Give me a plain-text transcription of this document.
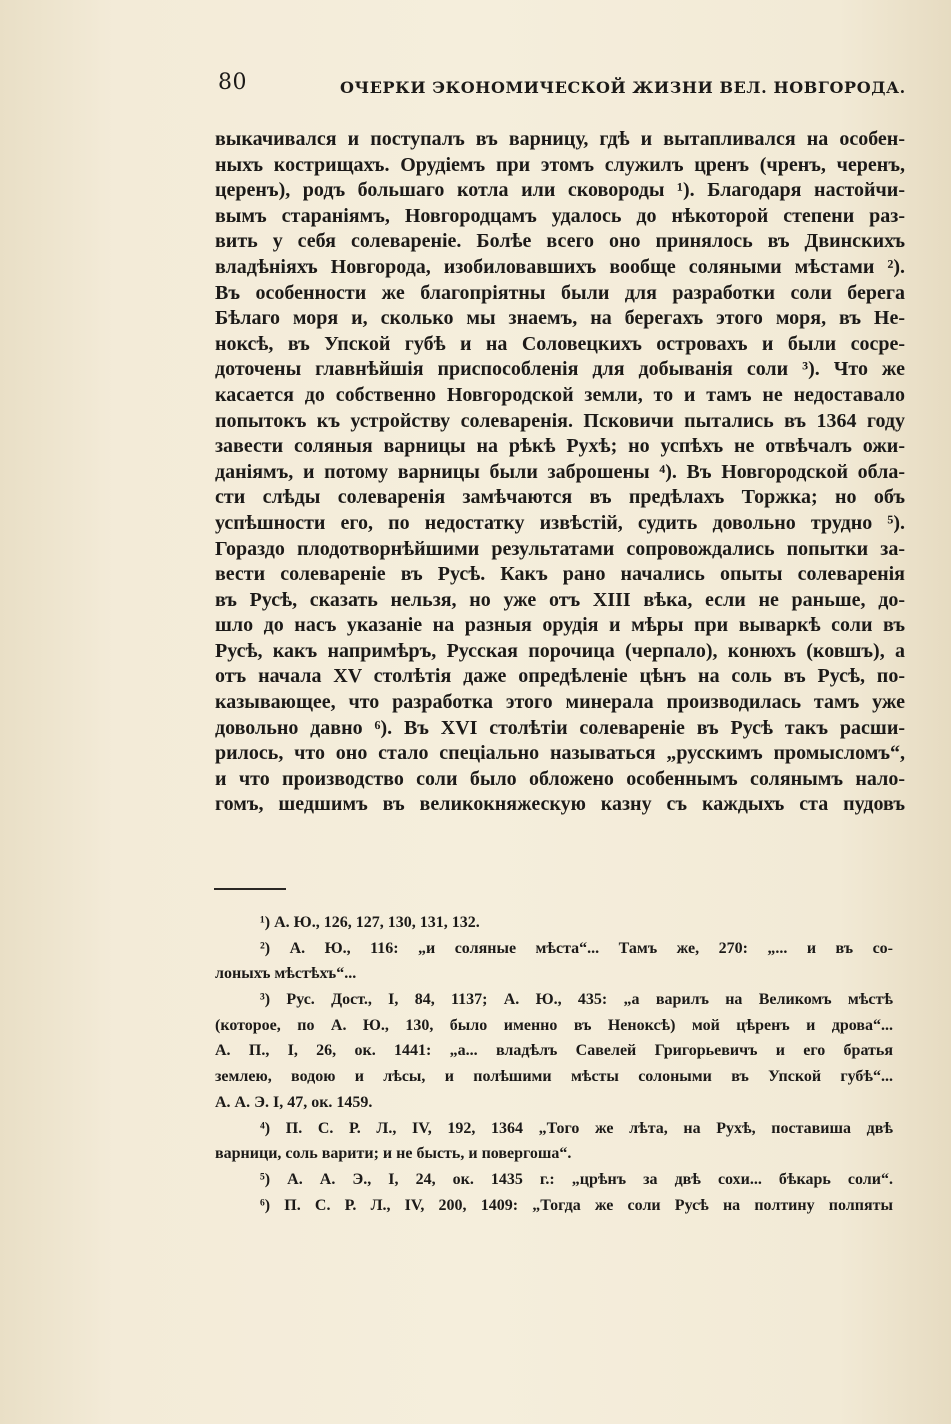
80	ОЧЕРКИ ЭКОНОМИЧЕСКОЙ ЖИЗНИ ВЕЛ. НОВГОРОДА.
выкачивался и поступалъ въ варницу, гдѣ и вытапливался на особен-
ныхъ кострищахъ. Орудіемъ при этомъ служилъ цренъ (чренъ, черенъ,
церенъ), родъ большаго котла или сковороды ¹). Благодаря настойчи-
вымъ стараніямъ, Новгородцамъ удалось до нѣкоторой степени раз-
вить у себя солевареніе. Болѣе всего оно принялось въ Двинскихъ
владѣніяхъ Новгорода, изобиловавшихъ вообще соляными мѣстами ²).
Въ особенности же благопріятны были для разработки соли берега
Бѣлаго моря и, сколько мы знаемъ, на берегахъ этого моря, въ Не-
ноксѣ, въ Упской губѣ и на Соловецкихъ островахъ и были сосре-
доточены главнѣйшія приспособленія для добыванія соли ³). Что же
касается до собственно Новгородской земли, то и тамъ не недоставало
попытокъ къ устройству солеваренія. Псковичи пытались въ 1364 году
завести соляныя варницы на рѣкѣ Рухѣ; но успѣхъ не отвѣчалъ ожи-
даніямъ, и потому варницы были заброшены ⁴). Въ Новгородской обла-
сти слѣды солеваренія замѣчаются въ предѣлахъ Торжка; но объ
успѣшности его, по недостатку извѣстій, судить довольно трудно ⁵).
Гораздо плодотворнѣйшими результатами сопровождались попытки за-
вести солевареніе въ Русѣ. Какъ рано начались опыты солеваренія
въ Русѣ, сказать нельзя, но уже отъ XIII вѣка, если не раньше, до-
шло до насъ указаніе на разныя орудія и мѣры при вываркѣ соли въ
Русѣ, какъ напримѣръ, Русская порочица (черпало), конюхъ (ковшъ), а
отъ начала XV столѣтія даже опредѣленіе цѣнъ на соль въ Русѣ, по-
казывающее, что разработка этого минерала производилась тамъ уже
довольно давно ⁶). Въ XVI столѣтіи солевареніе въ Русѣ такъ расши-
рилось, что оно стало спеціально называться „русскимъ промысломъ“,
и что производство соли было обложено особеннымъ солянымъ нало-
гомъ, шедшимъ въ великокняжескую казну съ каждыхъ ста пудовъ
¹) А. Ю., 126, 127, 130, 131, 132.
²) А. Ю., 116: „и соляные мѣста“... Тамъ же, 270: „... и въ со-
лоныхъ мѣстѣхъ“...
³) Рус. Дост., I, 84, 1137; А. Ю., 435: „а варилъ на Великомъ мѣстѣ
(которое, по А. Ю., 130, было именно въ Неноксѣ) мой цѣренъ и дрова“...
А. П., I, 26, ок. 1441: „а... владѣлъ Савелей Григорьевичъ и его братья
землею, водою и лѣсы, и полѣшими мѣсты солоными въ Упской губѣ“...
А. А. Э. I, 47, ок. 1459.
⁴) П. С. Р. Л., IV, 192, 1364 „Того же лѣта, на Рухѣ, поставиша двѣ
варници, соль варити; и не бысть, и повергоша“.
⁵) А. А. Э., I, 24, ок. 1435 г.: „црѣнъ за двѣ сохи... бѣкарь соли“.
⁶) П. С. Р. Л., IV, 200, 1409: „Тогда же соли Русѣ на полтину полпяты
